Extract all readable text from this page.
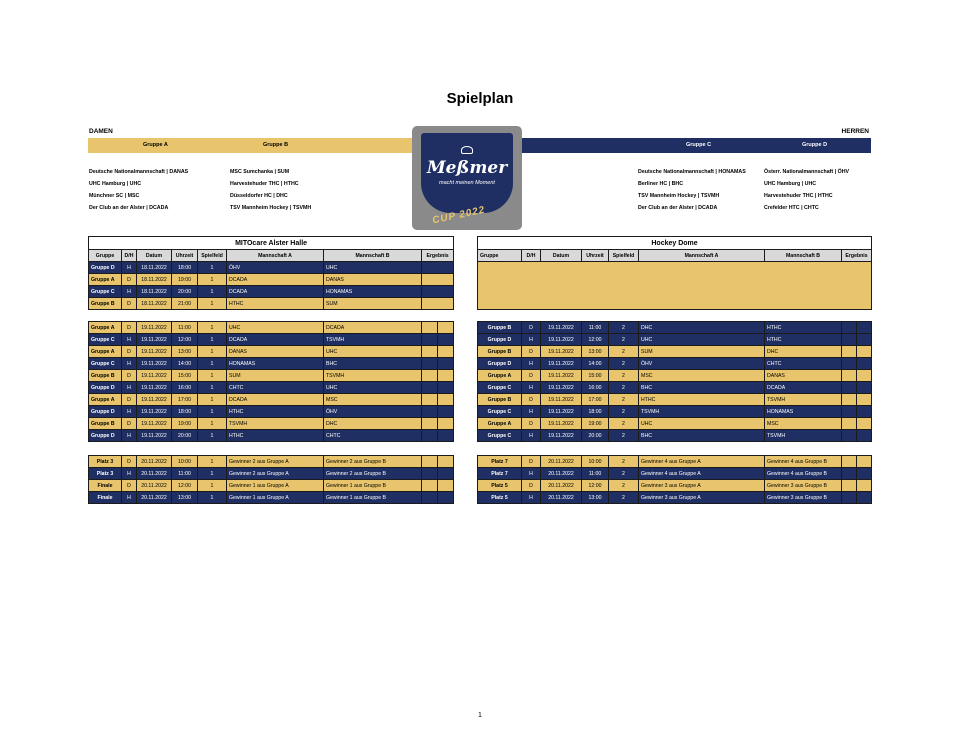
Spielplan
DAMEN	HERREN
Gruppe A	Gruppe B	Gruppe C	Gruppe D
Deutsche Nationalmannschaft | DANAS
UHC Hamburg | UHC
Münchner SC | MSC
Der Club an der Alster | DCADA
MSC Sumchanka | SUM
Harvestehuder THC | HTHC
Düsseldorfer HC | DHC
TSV Mannheim Hockey | TSVMH
Deutsche Nationalmannschaft | HONAMAS
Berliner HC | BHC
TSV Mannheim Hockey | TSVMH
Der Club an der Alster | DCADA
Österr. Nationalmannschaft | ÖHV
UHC Hamburg | UHC
Harvestehuder THC | HTHC
Crefelder HTC | CHTC
Meßmer
macht meinen Moment
CUP 2022
MITOcare Alster Halle							
Gruppe	D/H	Datum	Uhrzeit	Spielfeld	Mannschaft A	Mannschaft B	Ergebnis
Gruppe D	H	18.11.2022	18:00	1	ÖHV	UHC	
Gruppe A	D	18.11.2022	19:00	1	DCADA	DANAS	
Gruppe C	H	18.11.2022	20:00	1	DCADA	HONAMAS	
Gruppe B	D	18.11.2022	21:00	1	HTHC	SUM	
Gruppe A	D	19.11.2022	11:00	1	UHC	DCADA		
Gruppe C	H	19.11.2022	12:00	1	DCADA	TSVMH		
Gruppe A	D	19.11.2022	13:00	1	DANAS	UHC		
Gruppe C	H	19.11.2022	14:00	1	HONAMAS	BHC		
Gruppe B	D	19.11.2022	15:00	1	SUM	TSVMH		
Gruppe D	H	19.11.2022	16:00	1	CHTC	UHC		
Gruppe A	D	19.11.2022	17:00	1	DCADA	MSC		
Gruppe D	H	19.11.2022	18:00	1	HTHC	ÖHV		
Gruppe B	D	19.11.2022	19:00	1	TSVMH	DHC		
Gruppe D	H	19.11.2022	20:00	1	HTHC	CHTC		
Platz 3	D	20.11.2022	10:00	1	Gewinner 2 aus Gruppe A	Gewinner 2 aus Gruppe B		
Platz 3	H	20.11.2022	11:00	1	Gewinner 2 aus Gruppe A	Gewinner 2 aus Gruppe B		
Finale	D	20.11.2022	12:00	1	Gewinner 1 aus Gruppe A	Gewinner 1 aus Gruppe B		
Finale	H	20.11.2022	13:00	1	Gewinner 1 aus Gruppe A	Gewinner 1 aus Gruppe B		
Hockey Dome
Gruppe	D/H	Datum	Uhrzeit	Spielfeld	Mannschaft A	Mannschaft B	Ergebnis

Gruppe B	D	19.11.2022	11:00	2	DHC	HTHC		
Gruppe D	H	19.11.2022	12:00	2	UHC	HTHC		
Gruppe B	D	19.11.2022	13:00	2	SUM	DHC		
Gruppe D	H	19.11.2022	14:00	2	ÖHV	CHTC		
Gruppe A	D	19.11.2022	15:00	2	MSC	DANAS		
Gruppe C	H	19.11.2022	16:00	2	BHC	DCADA		
Gruppe B	D	19.11.2022	17:00	2	HTHC	TSVMH		
Gruppe C	H	19.11.2022	18:00	2	TSVMH	HONAMAS		
Gruppe A	D	19.11.2022	19:00	2	UHC	MSC		
Gruppe C	H	19.11.2022	20:00	2	BHC	TSVMH		
Platz 7	D	20.11.2022	10:00	2	Gewinner 4 aus Gruppe A	Gewinner 4 aus Gruppe B		
Platz 7	H	20.11.2022	11:00	2	Gewinner 4 aus Gruppe A	Gewinner 4 aus Gruppe B		
Platz 5	D	20.11.2022	12:00	2	Gewinner 3 aus Gruppe A	Gewinner 3 aus Gruppe B		
Platz 5	H	20.11.2022	13:00	2	Gewinner 3 aus Gruppe A	Gewinner 3 aus Gruppe B		
1
